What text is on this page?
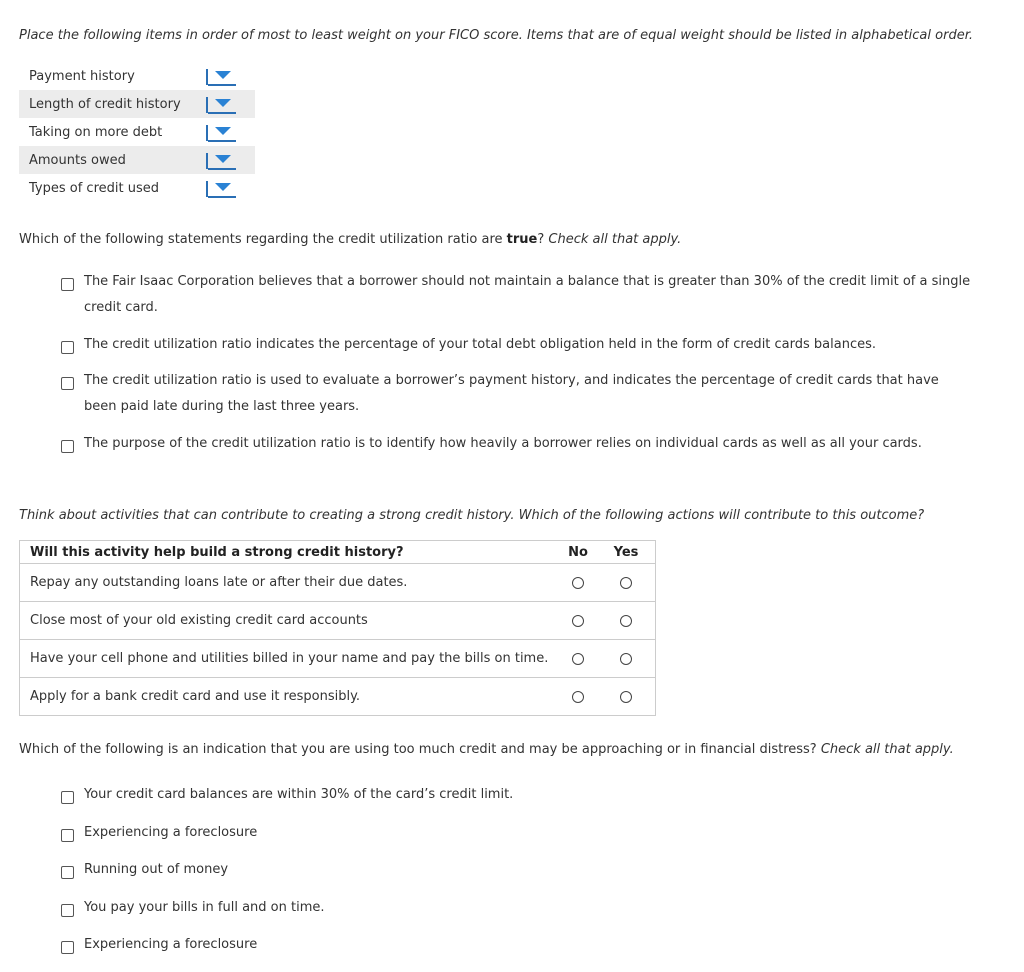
Place the following items in order of most to least weight on your FICO score. Items that are of equal weight should be listed in alphabetical order.
Payment history
Length of credit history
Taking on more debt
Amounts owed
Types of credit used
Which of the following statements regarding the credit utilization ratio are true? Check all that apply.
The Fair Isaac Corporation believes that a borrower should not maintain a balance that is greater than 30% of the credit limit of a single credit card.
The credit utilization ratio indicates the percentage of your total debt obligation held in the form of credit cards balances.
The credit utilization ratio is used to evaluate a borrower’s payment history, and indicates the percentage of credit cards that have been paid late during the last three years.
The purpose of the credit utilization ratio is to identify how heavily a borrower relies on individual cards as well as all your cards.
Think about activities that can contribute to creating a strong credit history. Which of the following actions will contribute to this outcome?
Will this activity help build a strong credit history?	No	Yes
Repay any outstanding loans late or after their due dates.
Close most of your old existing credit card accounts
Have your cell phone and utilities billed in your name and pay the bills on time.
Apply for a bank credit card and use it responsibly.
Which of the following is an indication that you are using too much credit and may be approaching or in financial distress? Check all that apply.
Your credit card balances are within 30% of the card’s credit limit.
Experiencing a foreclosure
Running out of money
You pay your bills in full and on time.
Experiencing a foreclosure
